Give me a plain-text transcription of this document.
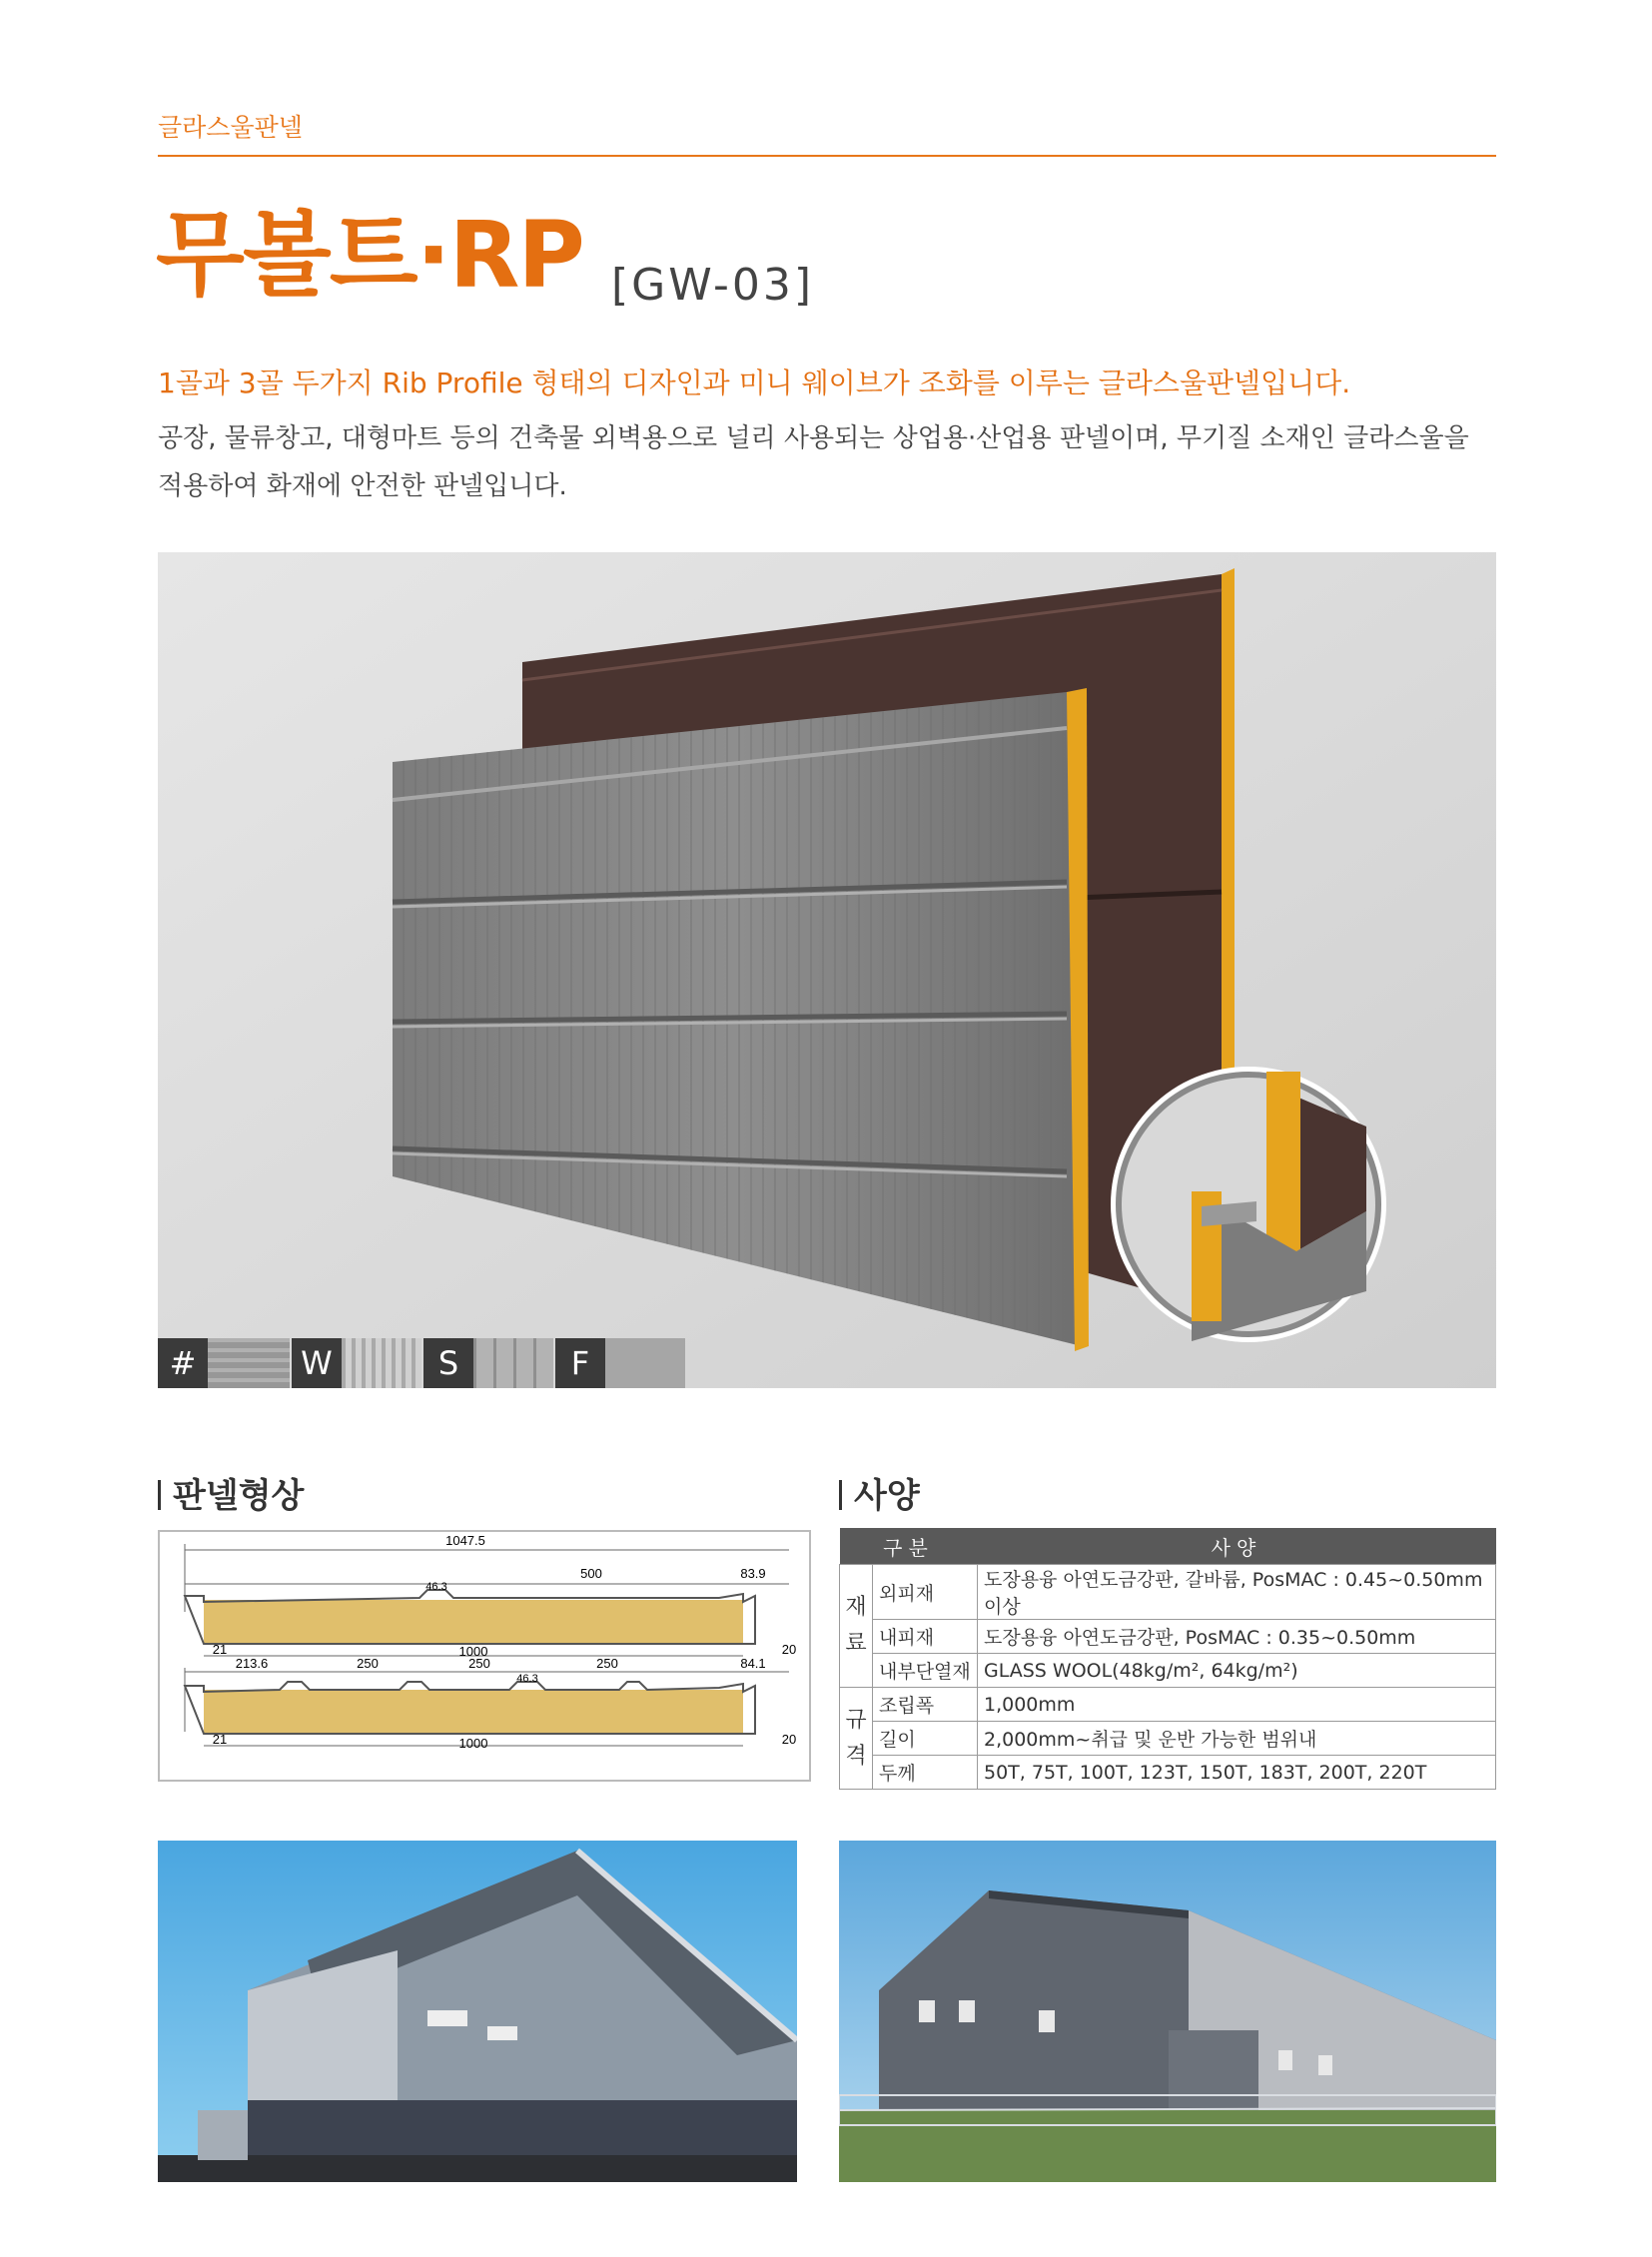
글라스울판넬
무볼트·RP [GW-03]
1골과 3골 두가지 Rib Profile 형태의 디자인과 미니 웨이브가 조화를 이루는 글라스울판넬입니다.
공장, 물류창고, 대형마트 등의 건축물 외벽용으로 널리 사용되는 상업용·산업용 판넬이며, 무기질 소재인 글라스울을 적용하여 화재에 안전한 판넬입니다.
#	W	S	F
판넬형상	사양
1047.5
500	83.9
46.3
21	1000	20
213.6	250	250	250	84.1
46.3
21	1000	20
구분		사양
재
료	외피재	도장용융 아연도금강판, 갈바륨, PosMAC : 0.45~0.50mm이상
	내피재	도장용융 아연도금강판, PosMAC : 0.35~0.50mm
	내부단열재	GLASS WOOL(48kg/m², 64kg/m²)
규
격	조립폭	1,000mm
	길이	2,000mm~취급 및 운반 가능한 범위내
	두께	50T, 75T, 100T, 123T, 150T, 183T, 200T, 220T
